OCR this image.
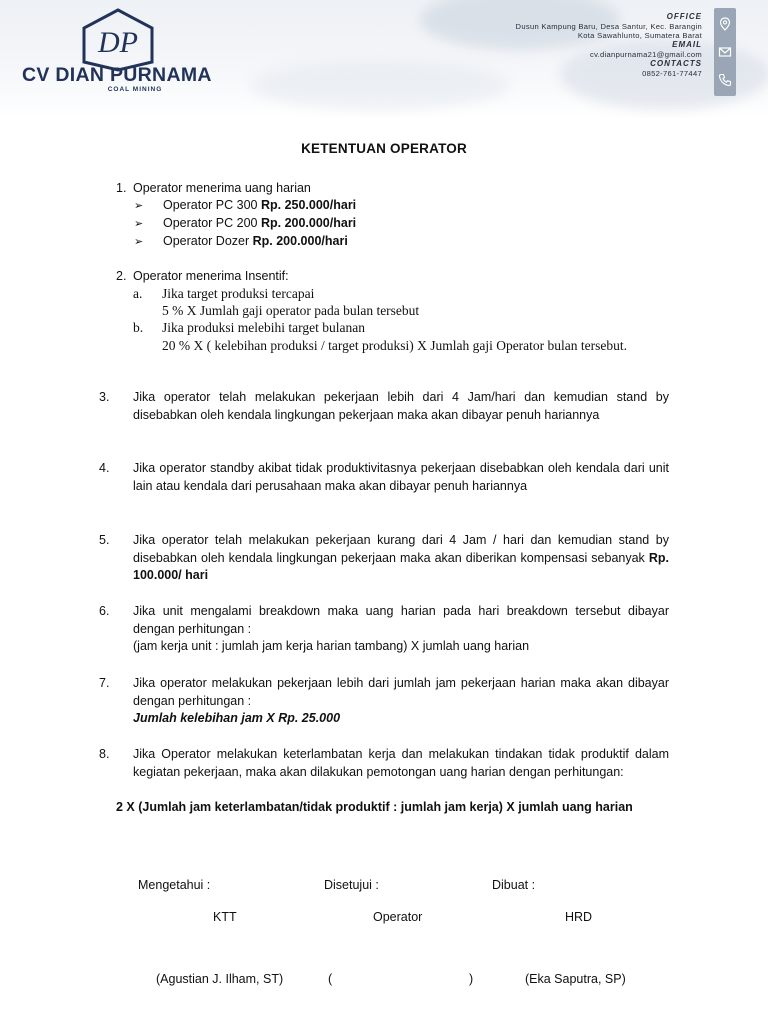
DP
CV DIAN PURNAMA
COAL MINING
OFFICE
Dusun Kampung Baru, Desa Santur, Kec. Barangin
Kota Sawahlunto, Sumatera Barat
EMAIL
cv.dianpurnama21@gmail.com
CONTACTS
0852-761-77447
KETENTUAN OPERATOR
1. Operator menerima uang harian
➢ Operator PC 300 Rp. 250.000/hari
➢ Operator PC 200 Rp. 200.000/hari
➢ Operator Dozer Rp. 200.000/hari
2. Operator menerima Insentif:
a. Jika target produksi tercapai
5 % X Jumlah gaji operator pada bulan tersebut
b. Jika produksi melebihi target bulanan
20 % X ( kelebihan produksi / target produksi) X Jumlah gaji Operator bulan tersebut.
3. Jika operator telah melakukan pekerjaan lebih dari 4 Jam/hari dan kemudian stand by disebabkan oleh kendala lingkungan pekerjaan maka akan dibayar penuh hariannya
4. Jika operator standby akibat tidak produktivitasnya pekerjaan disebabkan oleh kendala dari unit lain atau kendala dari perusahaan maka akan dibayar penuh hariannya
5. Jika operator telah melakukan pekerjaan kurang dari 4 Jam / hari dan kemudian stand by disebabkan oleh kendala lingkungan pekerjaan maka akan diberikan kompensasi sebanyak Rp. 100.000/ hari
6. Jika unit mengalami breakdown maka uang harian pada hari breakdown tersebut dibayar dengan perhitungan :
(jam kerja unit : jumlah jam kerja harian tambang) X jumlah uang harian
7. Jika operator melakukan pekerjaan lebih dari jumlah jam pekerjaan harian maka akan dibayar dengan perhitungan :
Jumlah kelebihan jam X Rp. 25.000
8. Jika Operator melakukan keterlambatan kerja dan melakukan tindakan tidak produktif dalam kegiatan pekerjaan, maka akan dilakukan pemotongan uang harian dengan perhitungan:
2 X (Jumlah jam keterlambatan/tidak produktif : jumlah jam kerja) X jumlah uang harian
Mengetahui :	Disetujui :	Dibuat :
KTT	Operator	HRD
(Agustian J. Ilham, ST)	(	)	(Eka Saputra, SP)
